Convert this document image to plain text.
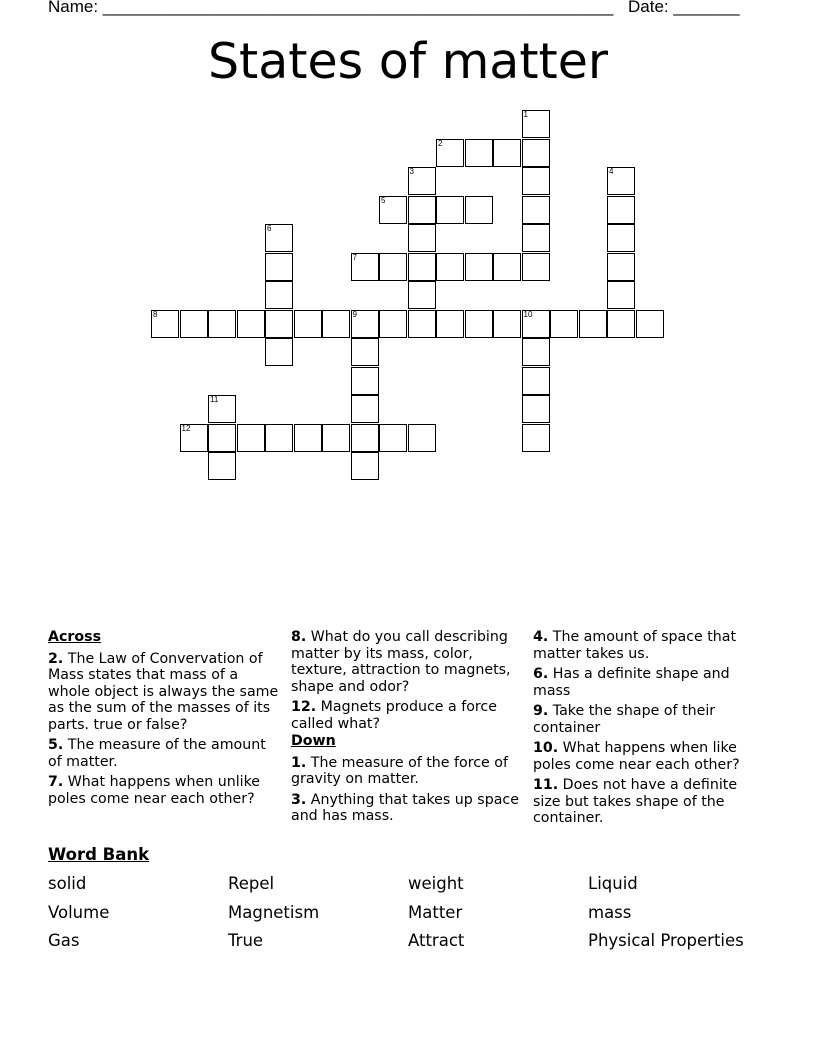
Name: ______________________________________________________ Date: _______
States of matter
1
2
3	4
5
6
7
8	9	10
11
12
Across

2. The Law of Convervation of Mass states that mass of a whole object is always the same as the sum of the masses of its parts. true or false?

5. The measure of the amount of matter.

7. What happens when unlike poles come near each other?

8. What do you call describing matter by its mass, color, texture, attraction to magnets, shape and odor?

12. Magnets produce a force called what?

Down

1. The measure of the force of gravity on matter.

3. Anything that takes up space and has mass.

4. The amount of space that matter takes us.

6. Has a definite shape and mass

9. Take the shape of their container

10. What happens when like poles come near each other?

11. Does not have a definite size but takes shape of the container.

Word Bank
solid	Repel	weight	Liquid
Volume	Magnetism	Matter	mass
Gas	True	Attract	Physical Properties
